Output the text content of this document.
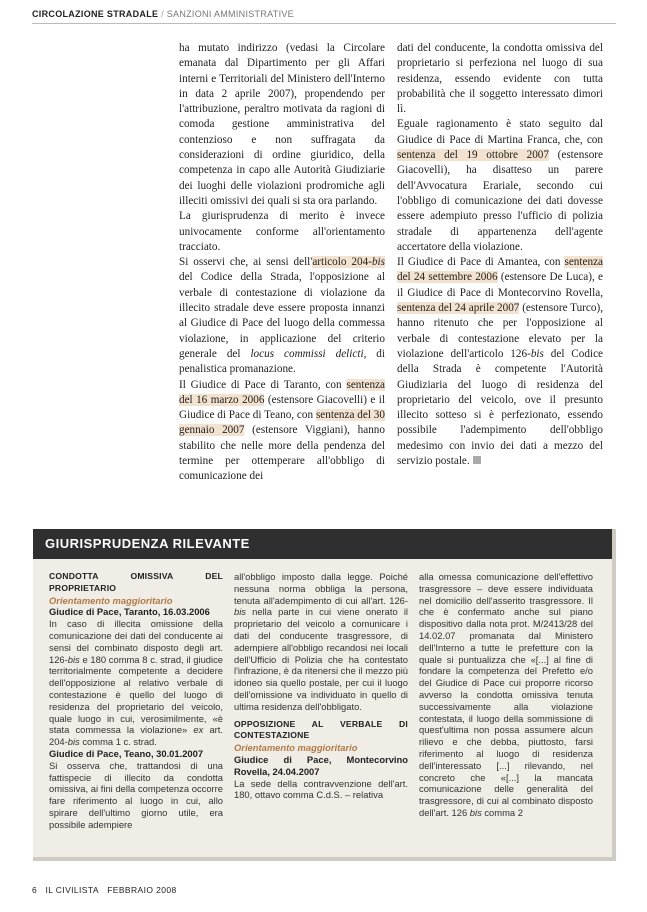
CIRCOLAZIONE STRADALE / SANZIONI AMMINISTRATIVE

ha mutato indirizzo (vedasi la Circolare emanata dal Dipartimento per gli Affari interni e Territoriali del Ministero dell'Interno in data 2 aprile 2007), propendendo per l'attribuzione, peraltro motivata da ragioni di comoda gestione amministrativa del contenzioso e non suffragata da considerazioni di ordine giuridico, della competenza in capo alle Autorità Giudiziarie dei luoghi delle violazioni prodromiche agli illeciti omissivi dei quali si sta ora parlando.

La giurisprudenza di merito è invece univocamente conforme all'orientamento tracciato.

Si osservi che, ai sensi dell'articolo 204-bis del Codice della Strada, l'opposizione al verbale di contestazione di violazione da illecito stradale deve essere proposta innanzi al Giudice di Pace del luogo della commessa violazione, in applicazione del criterio generale del locus commissi delicti, di penalistica promanazione.

Il Giudice di Pace di Taranto, con sentenza del 16 marzo 2006 (estensore Giacovelli) e il Giudice di Pace di Teano, con sentenza del 30 gennaio 2007 (estensore Viggiani), hanno stabilito che nelle more della pendenza del termine per ottemperare all'obbligo di comunicazione dei

dati del conducente, la condotta omissiva del proprietario si perfeziona nel luogo di sua residenza, essendo evidente con tutta probabilità che il soggetto interessato dimori lì.

Eguale ragionamento è stato seguito dal Giudice di Pace di Martina Franca, che, con sentenza del 19 ottobre 2007 (estensore Giacovelli), ha disatteso un parere dell'Avvocatura Erariale, secondo cui l'obbligo di comunicazione dei dati dovesse essere adempiuto presso l'ufficio di polizia stradale di appartenenza dell'agente accertatore della violazione.

Il Giudice di Pace di Amantea, con sentenza del 24 settembre 2006 (estensore De Luca), e il Giudice di Pace di Montecorvino Rovella, sentenza del 24 aprile 2007 (estensore Turco), hanno ritenuto che per l'opposizione al verbale di contestazione elevato per la violazione dell'articolo 126-bis del Codice della Strada è competente l'Autorità Giudiziaria del luogo di residenza del proprietario del veicolo, ove il presunto illecito sotteso si è perfezionato, essendo possibile l'adempimento dell'obbligo medesimo con invio dei dati a mezzo del servizio postale.

GIURISPRUDENZA RILEVANTE

CONDOTTA OMISSIVA DEL PROPRIETARIO

Orientamento maggioritario

Giudice di Pace, Taranto, 16.03.2006

In caso di illecita omissione della comunicazione dei dati del conducente ai sensi del combinato disposto degli art. 126-bis e 180 comma 8 c. strad, il giudice territorialmente competente a decidere dell'opposizione al relativo verbale di contestazione è quello del luogo di residenza del proprietario del veicolo, quale luogo in cui, verosimilmente, «è stata commessa la violazione» ex art. 204-bis comma 1 c. strad.

Giudice di Pace, Teano, 30.01.2007

Si osserva che, trattandosi di una fattispecie di illecito da condotta omissiva, ai fini della competenza occorre fare riferimento al luogo in cui, allo spirare dell'ultimo giorno utile, era possibile adempiere

all'obbligo imposto dalla legge. Poiché nessuna norma obbliga la persona, tenuta all'adempimento di cui all'art. 126-bis nella parte in cui viene onerato il proprietario del veicolo a comunicare i dati del conducente trasgressore, di adempiere all'obbligo recandosi nei locali dell'Ufficio di Polizia che ha contestato l'infrazione, è da ritenersi che il mezzo più idoneo sia quello postale, per cui il luogo dell'omissione va individuato in quello di ultima residenza dell'obbligato.

OPPOSIZIONE AL VERBALE DI CONTESTAZIONE

Orientamento maggioritario

Giudice di Pace, Montecorvino Rovella, 24.04.2007

La sede della contravvenzione dell'art. 180, ottavo comma C.d.S. – relativa

alla omessa comunicazione dell'effettivo trasgressore – deve essere individuata nel domicilio dell'asserito trasgressore. Il che è confermato anche sul piano dispositivo dalla nota prot. M/2413/28 del 14.02.07 promanata dal Ministero dell'Interno a tutte le prefetture con la quale si puntualizza che «[...] al fine di fondare la competenza del Prefetto e/o del Giudice di Pace cui proporre ricorso avverso la condotta omissiva tenuta successivamente alla violazione contestata, il luogo della sommissione di quest'ultima non possa assumere alcun rilievo e che debba, piuttosto, farsi riferimento al luogo di residenza dell'interessato [...] rilevando, nel concreto che «[...] la mancata comunicazione delle generalità del trasgressore, di cui al combinato disposto dell'art. 126 bis comma 2

6 IL CIVILISTA FEBBRAIO 2008
